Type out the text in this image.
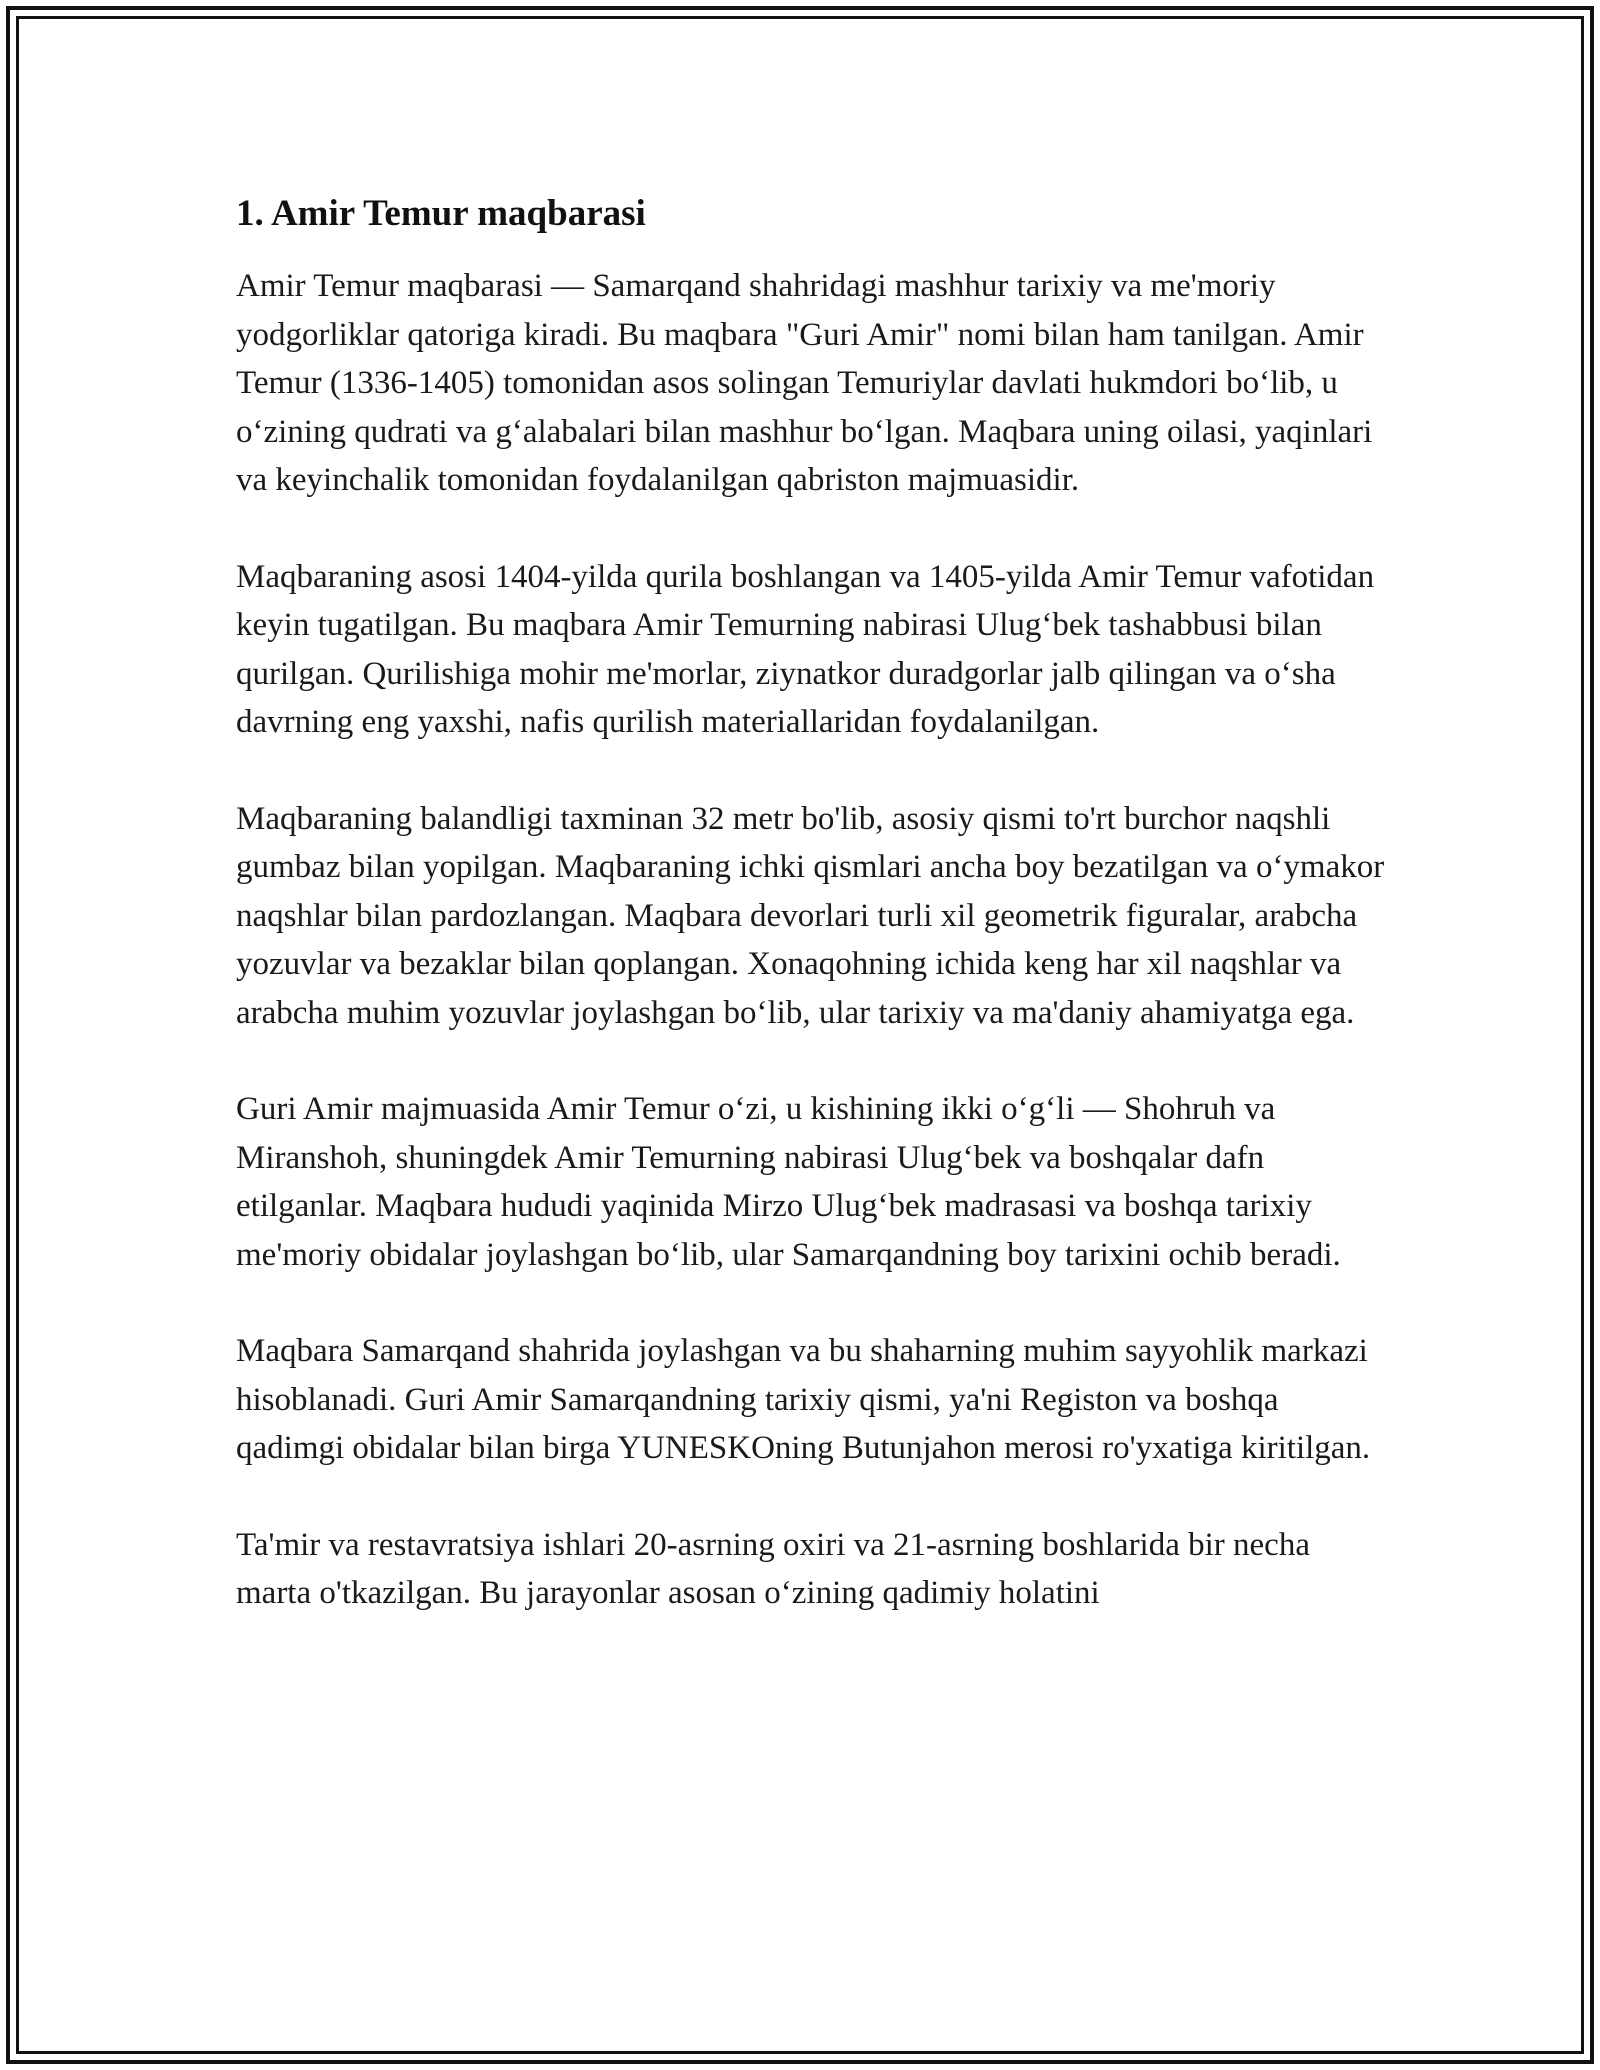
1. Amir Temur maqbarasi

Amir Temur maqbarasi — Samarqand shahridagi mashhur tarixiy va me'moriy yodgorliklar qatoriga kiradi. Bu maqbara "Guri Amir" nomi bilan ham tanilgan. Amir Temur (1336-1405) tomonidan asos solingan Temuriylar davlati hukmdori bo‘lib, u o‘zining qudrati va g‘alabalari bilan mashhur bo‘lgan. Maqbara uning oilasi, yaqinlari va keyinchalik tomonidan foydalanilgan qabriston majmuasidir.

Maqbaraning asosi 1404-yilda qurila boshlangan va 1405-yilda Amir Temur vafotidan keyin tugatilgan. Bu maqbara Amir Temurning nabirasi Ulug‘bek tashabbusi bilan qurilgan. Qurilishiga mohir me'morlar, ziynatkor duradgorlar jalb qilingan va o‘sha davrning eng yaxshi, nafis qurilish materiallaridan foydalanilgan.

Maqbaraning balandligi taxminan 32 metr bo'lib, asosiy qismi to'rt burchor naqshli gumbaz bilan yopilgan. Maqbaraning ichki qismlari ancha boy bezatilgan va o‘ymakor naqshlar bilan pardozlangan. Maqbara devorlari turli xil geometrik figuralar, arabcha yozuvlar va bezaklar bilan qoplangan. Xonaqohning ichida keng har xil naqshlar va arabcha muhim yozuvlar joylashgan bo‘lib, ular tarixiy va ma'daniy ahamiyatga ega.

Guri Amir majmuasida Amir Temur o‘zi, u kishining ikki o‘g‘li — Shohruh va Miranshoh, shuningdek Amir Temurning nabirasi Ulug‘bek va boshqalar dafn etilganlar. Maqbara hududi yaqinida Mirzo Ulug‘bek madrasasi va boshqa tarixiy me'moriy obidalar joylashgan bo‘lib, ular Samarqandning boy tarixini ochib beradi.

Maqbara Samarqand shahrida joylashgan va bu shaharning muhim sayyohlik markazi hisoblanadi. Guri Amir Samarqandning tarixiy qismi, ya'ni Registon va boshqa qadimgi obidalar bilan birga YUNESKOning Butunjahon merosi ro'yxatiga kiritilgan.

Ta'mir va restavratsiya ishlari 20-asrning oxiri va 21-asrning boshlarida bir necha marta o'tkazilgan. Bu jarayonlar asosan o‘zining qadimiy holatini
